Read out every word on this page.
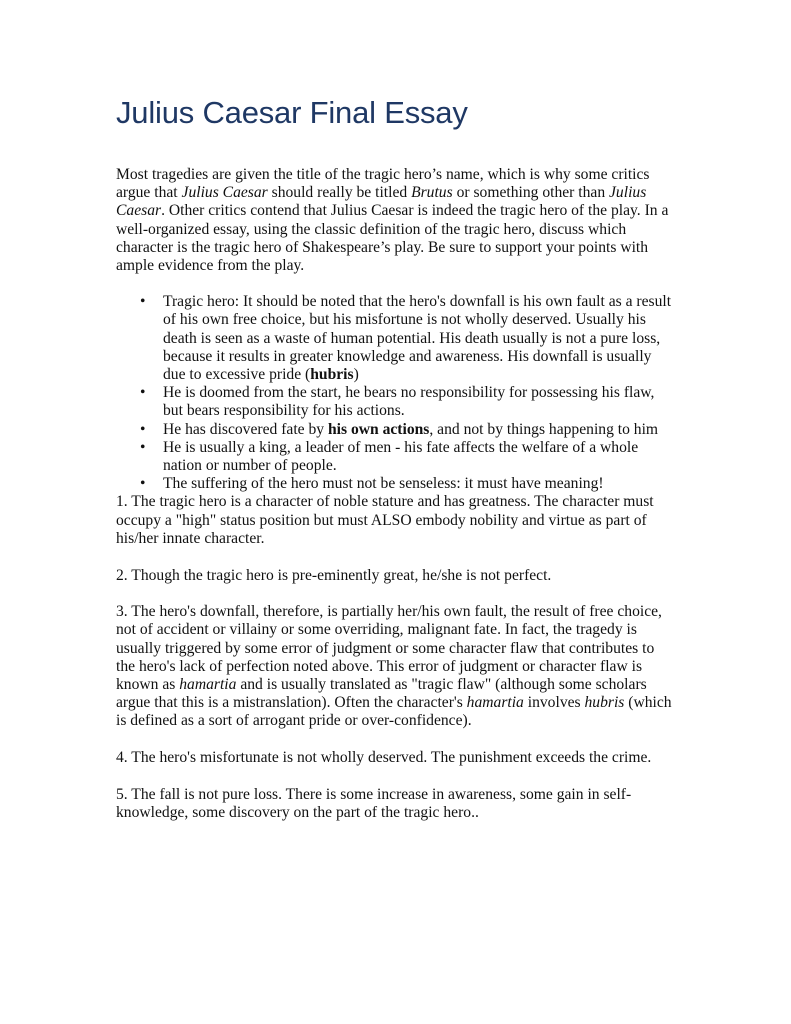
Julius Caesar Final Essay

Most tragedies are given the title of the tragic hero’s name, which is why some critics argue that Julius Caesar should really be titled Brutus or something other than Julius Caesar. Other critics contend that Julius Caesar is indeed the tragic hero of the play. In a well-organized essay, using the classic definition of the tragic hero, discuss which character is the tragic hero of Shakespeare’s play. Be sure to support your points with ample evidence from the play.

• Tragic hero: It should be noted that the hero's downfall is his own fault as a result of his own free choice, but his misfortune is not wholly deserved. Usually his death is seen as a waste of human potential. His death usually is not a pure loss, because it results in greater knowledge and awareness. His downfall is usually due to excessive pride (hubris)
• He is doomed from the start, he bears no responsibility for possessing his flaw, but bears responsibility for his actions.
• He has discovered fate by his own actions, and not by things happening to him
• He is usually a king, a leader of men - his fate affects the welfare of a whole nation or number of people.
• The suffering of the hero must not be senseless: it must have meaning!

1. The tragic hero is a character of noble stature and has greatness. The character must occupy a "high" status position but must ALSO embody nobility and virtue as part of his/her innate character.

2. Though the tragic hero is pre-eminently great, he/she is not perfect.

3. The hero's downfall, therefore, is partially her/his own fault, the result of free choice, not of accident or villainy or some overriding, malignant fate. In fact, the tragedy is usually triggered by some error of judgment or some character flaw that contributes to the hero's lack of perfection noted above. This error of judgment or character flaw is known as hamartia and is usually translated as "tragic flaw" (although some scholars argue that this is a mistranslation). Often the character's hamartia involves hubris (which is defined as a sort of arrogant pride or over-confidence).

4. The hero's misfortunate is not wholly deserved. The punishment exceeds the crime.

5. The fall is not pure loss. There is some increase in awareness, some gain in self-knowledge, some discovery on the part of the tragic hero..
